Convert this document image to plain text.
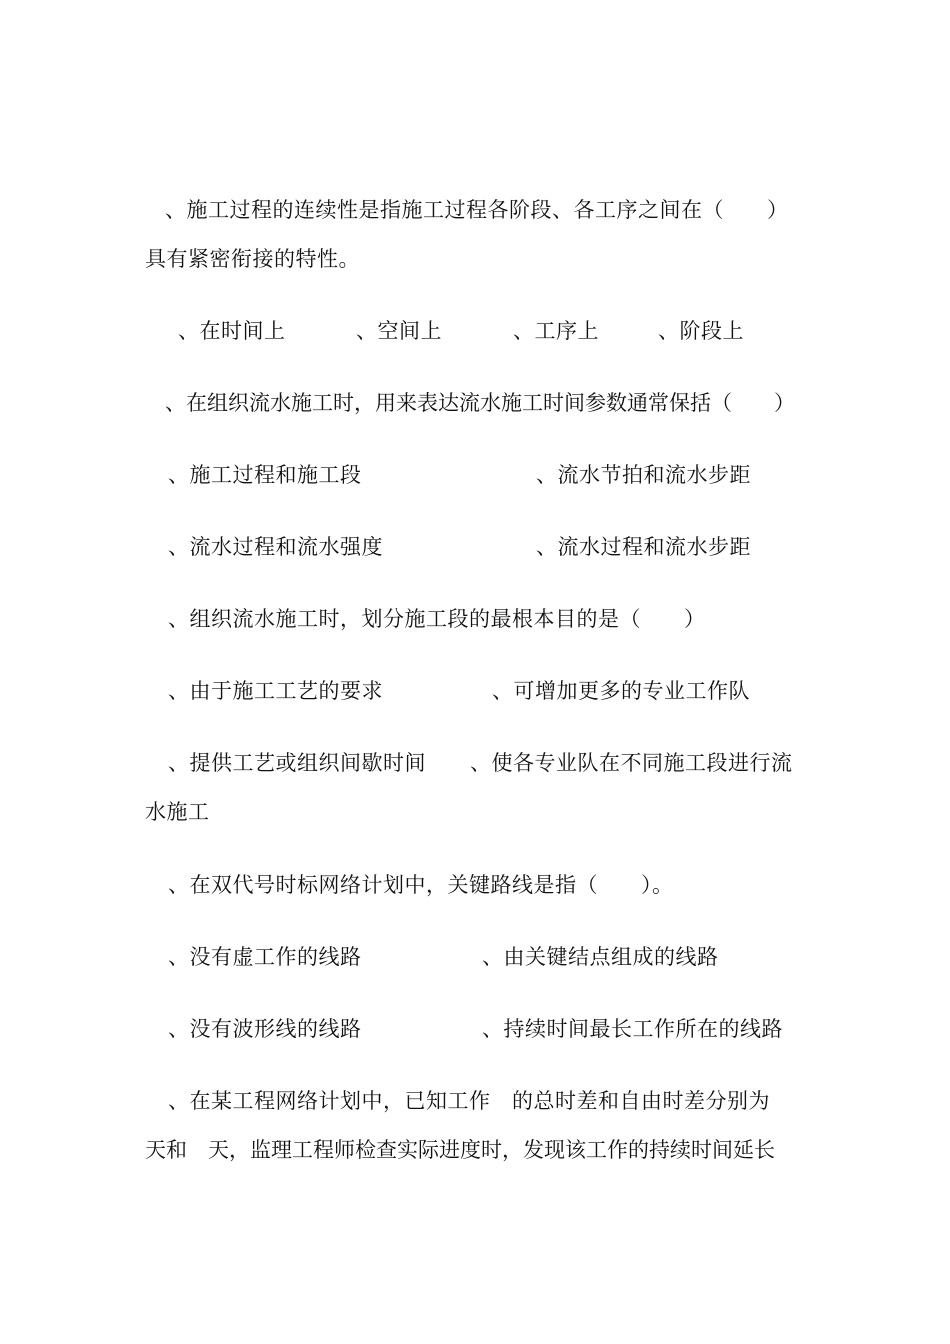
、施工过程的连续性是指施工过程各阶段、各工序之间在（　　）
具有紧密衔接的特性。
、在时间上	、空间上	、工序上	、阶段上
、在组织流水施工时，用来表达流水施工时间参数通常保括（　　）
、施工过程和施工段	、流水节拍和流水步距
、流水过程和流水强度	、流水过程和流水步距
、组织流水施工时，划分施工段的最根本目的是（　　）
、由于施工工艺的要求	、可增加更多的专业工作队
、提供工艺或组织间歇时间 、使各专业队在不同施工段进行流
水施工
、在双代号时标网络计划中，关键路线是指（　　）。
、没有虚工作的线路	、由关键结点组成的线路
、没有波形线的线路	、持续时间最长工作所在的线路
、在某工程网络计划中，已知工作　的总时差和自由时差分别为
天和　天，监理工程师检查实际进度时，发现该工作的持续时间延长
